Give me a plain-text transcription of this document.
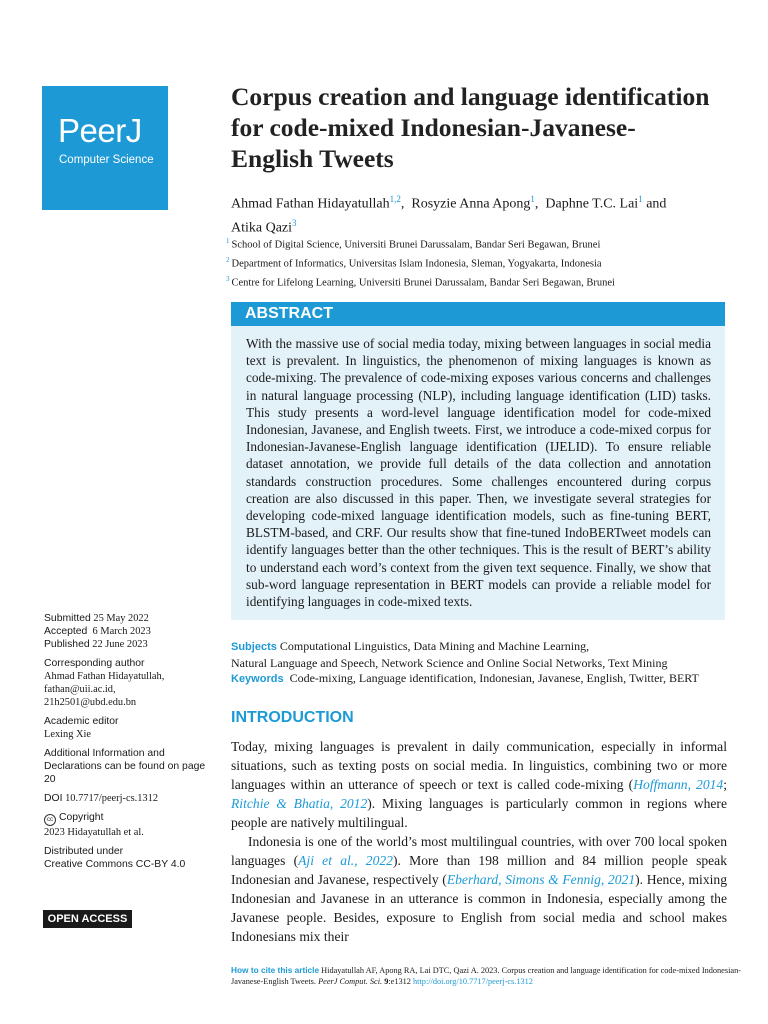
PeerJ
Computer Science
Corpus creation and language identification for code-mixed Indonesian-Javanese-English Tweets
Ahmad Fathan Hidayatullah$^{1,2}$,  Rosyzie Anna Apong$^1$,  Daphne T.C. Lai$^1$ and
Atika Qazi$^3$
$^1$ School of Digital Science, Universiti Brunei Darussalam, Bandar Seri Begawan, Brunei
$^2$ Department of Informatics, Universitas Islam Indonesia, Sleman, Yogyakarta, Indonesia
$^3$ Centre for Lifelong Learning, Universiti Brunei Darussalam, Bandar Seri Begawan, Brunei
ABSTRACT
With the massive use of social media today, mixing between languages in social media text is prevalent. In linguistics, the phenomenon of mixing languages is known as code-mixing. The prevalence of code-mixing exposes various concerns and challenges in natural language processing (NLP), including language identification (LID) tasks. This study presents a word-level language identification model for code-mixed Indonesian, Javanese, and English tweets. First, we introduce a code-mixed corpus for Indonesian-Javanese-English language identification (IJELID). To ensure reliable dataset annotation, we provide full details of the data collection and annotation standards construction procedures. Some challenges encountered during corpus creation are also discussed in this paper. Then, we investigate several strategies for developing code-mixed language identification models, such as fine-tuning BERT, BLSTM-based, and CRF. Our results show that fine-tuned IndoBERTweet models can identify languages better than the other techniques. This is the result of BERT’s ability to understand each word’s context from the given text sequence. Finally, we show that sub-word language representation in BERT models can provide a reliable model for identifying languages in code-mixed texts.
Submitted 25 May 2022
Accepted 6 March 2023
Published 22 June 2023
Corresponding author
Ahmad Fathan Hidayatullah,
fathan@uii.ac.id,
21h2501@ubd.edu.bn
Academic editor
Lexing Xie
Additional Information and Declarations can be found on page 20
DOI 10.7717/peerj-cs.1312
cc Copyright
2023 Hidayatullah et al.
Distributed under
Creative Commons CC-BY 4.0
OPEN ACCESS
Subjects Computational Linguistics, Data Mining and Machine Learning,
Natural Language and Speech, Network Science and Online Social Networks, Text Mining
Keywords Code-mixing, Language identification, Indonesian, Javanese, English, Twitter, BERT
INTRODUCTION

Today, mixing languages is prevalent in daily communication, especially in informal situations, such as texting posts on social media. In linguistics, combining two or more languages within an utterance of speech or text is called code-mixing (Hoffmann, 2014; Ritchie & Bhatia, 2012). Mixing languages is particularly common in regions where people are natively multilingual.

Indonesia is one of the world’s most multilingual countries, with over 700 local spoken languages (Aji et al., 2022). More than 198 million and 84 million people speak Indonesian and Javanese, respectively (Eberhard, Simons & Fennig, 2021). Hence, mixing Indonesian and Javanese in an utterance is common in Indonesia, especially among the Javanese people. Besides, exposure to English from social media and school makes Indonesians mix their

How to cite this article Hidayatullah AF, Apong RA, Lai DTC, Qazi A. 2023. Corpus creation and language identification for code-mixed Indonesian-Javanese-English Tweets. PeerJ Comput. Sci. 9:e1312 http://doi.org/10.7717/peerj-cs.1312
